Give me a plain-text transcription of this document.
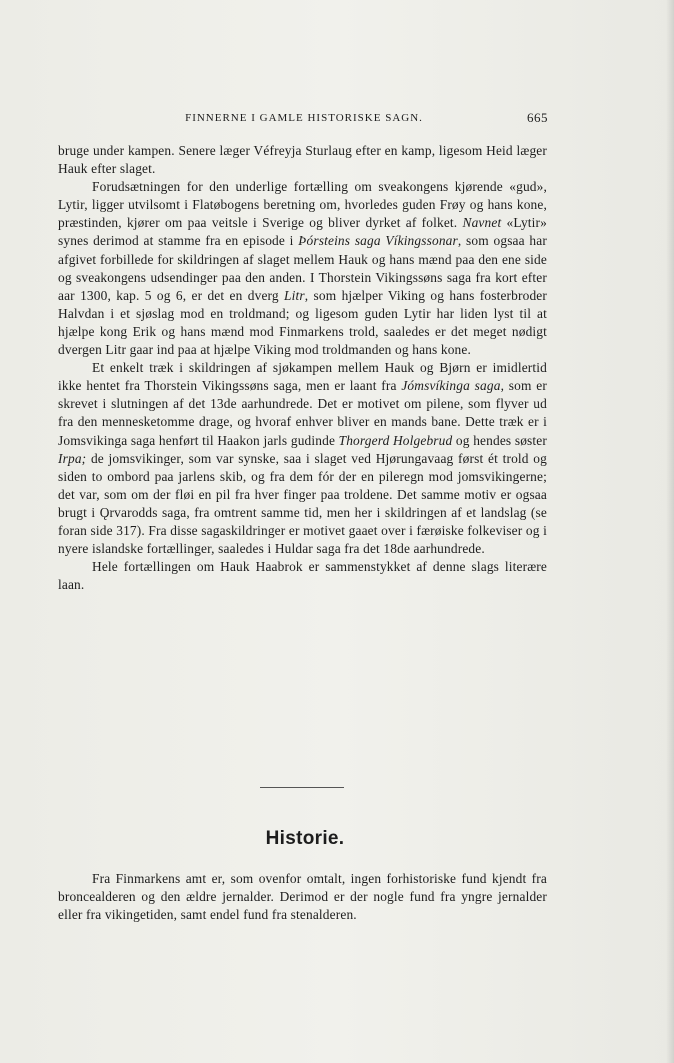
FINNERNE I GAMLE HISTORISKE SAGN.	665

bruge under kampen. Senere læger Véfreyja Sturlaug efter en kamp, ligesom Heid læger Hauk efter slaget.

Forudsætningen for den underlige fortælling om sveakongens kjørende «gud», Lytir, ligger utvilsomt i Flatøbogens beretning om, hvorledes guden Frøy og hans kone, præstinden, kjører om paa veitsle i Sverige og bliver dyrket af folket. Navnet «Lytir» synes derimod at stamme fra en episode i Þórsteins saga Víkingssonar, som ogsaa har afgivet forbillede for skildringen af slaget mellem Hauk og hans mænd paa den ene side og sveakongens udsendinger paa den anden. I Thorstein Vikingssøns saga fra kort efter aar 1300, kap. 5 og 6, er det en dverg Litr, som hjælper Viking og hans fosterbroder Halvdan i et sjøslag mod en troldmand; og ligesom guden Lytir har liden lyst til at hjælpe kong Erik og hans mænd mod Finmarkens trold, saaledes er det meget nødigt dvergen Litr gaar ind paa at hjælpe Viking mod troldmanden og hans kone.

Et enkelt træk i skildringen af sjøkampen mellem Hauk og Bjørn er imidlertid ikke hentet fra Thorstein Vikingssøns saga, men er laant fra Jómsvíkinga saga, som er skrevet i slutningen af det 13de aarhundrede. Det er motivet om pilene, som flyver ud fra den mennesketomme drage, og hvoraf enhver bliver en mands bane. Dette træk er i Jomsvikinga saga henført til Haakon jarls gudinde Thorgerd Holgebrud og hendes søster Irpa; de jomsvikinger, som var synske, saa i slaget ved Hjørungavaag først ét trold og siden to ombord paa jarlens skib, og fra dem fór der en pileregn mod jomsvikingerne; det var, som om der fløi en pil fra hver finger paa troldene. Det samme motiv er ogsaa brugt i Ǫrvarodds saga, fra omtrent samme tid, men her i skildringen af et landslag (se foran side 317). Fra disse sagaskildringer er motivet gaaet over i færøiske folkeviser og i nyere islandske fortællinger, saaledes i Huldar saga fra det 18de aarhundrede.

Hele fortællingen om Hauk Haabrok er sammenstykket af denne slags literære laan.

Historie.

Fra Finmarkens amt er, som ovenfor omtalt, ingen forhistoriske fund kjendt fra broncealderen og den ældre jernalder. Derimod er der nogle fund fra yngre jernalder eller fra vikingetiden, samt endel fund fra stenalderen.
